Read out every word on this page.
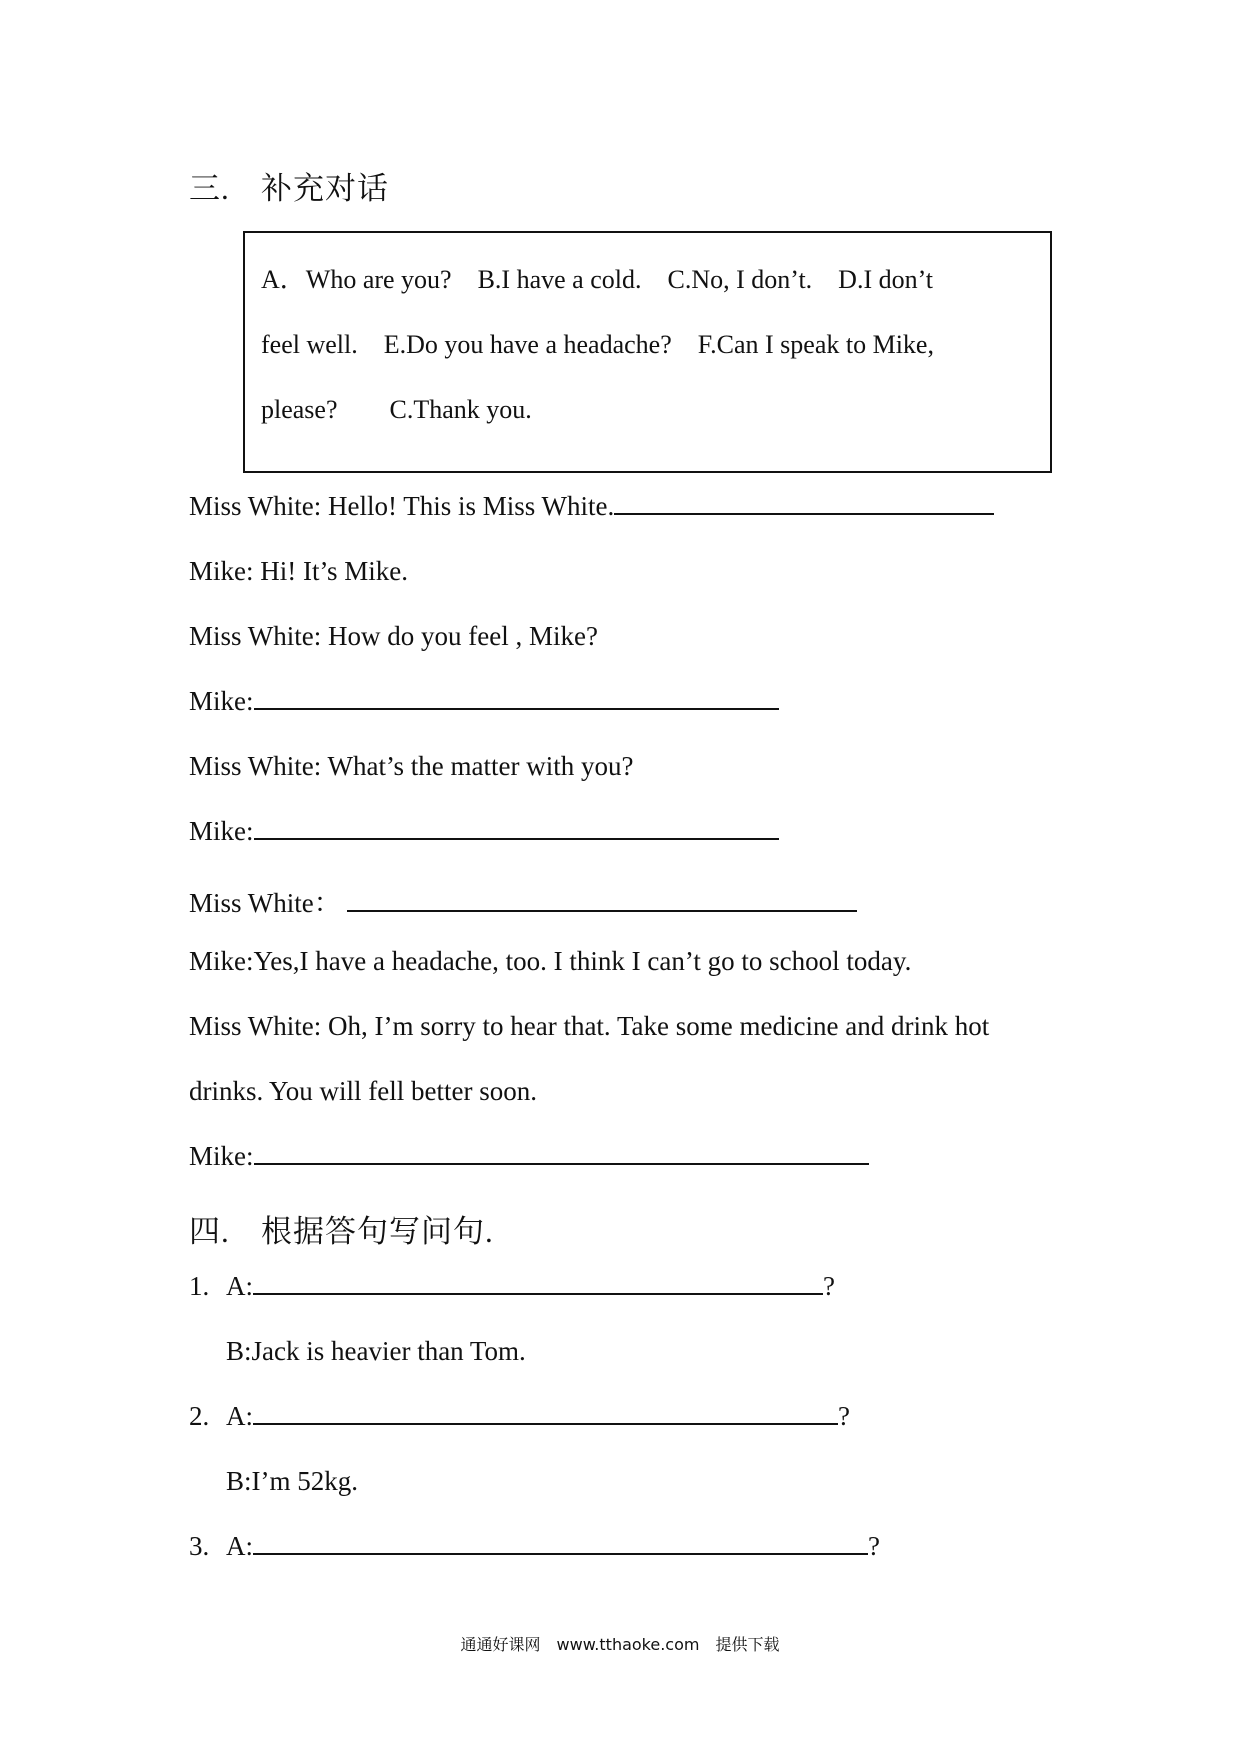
三. 补充对话
A．Who are you?　B.I have a cold.　C.No, I don’t.　D.I don’t
feel well.　E.Do you have a headache?　F.Can I speak to Mike,
please?　　C.Thank you.
Miss White: Hello! This is Miss White.
Mike: Hi! It’s Mike.
Miss White: How do you feel , Mike?
Mike:
Miss White: What’s the matter with you?
Mike:
Miss White：
Mike:Yes,I have a headache, too. I think I can’t go to school today.
Miss White: Oh, I’m sorry to hear that. Take some medicine and drink hot
drinks. You will fell better soon.
Mike:
四. 根据答句写问句.
1. A:	?
B:Jack is heavier than Tom.
2. A:	?
B:I’m 52kg.
3. A:	?
通通好课网　www.tthaoke.com　提供下载
